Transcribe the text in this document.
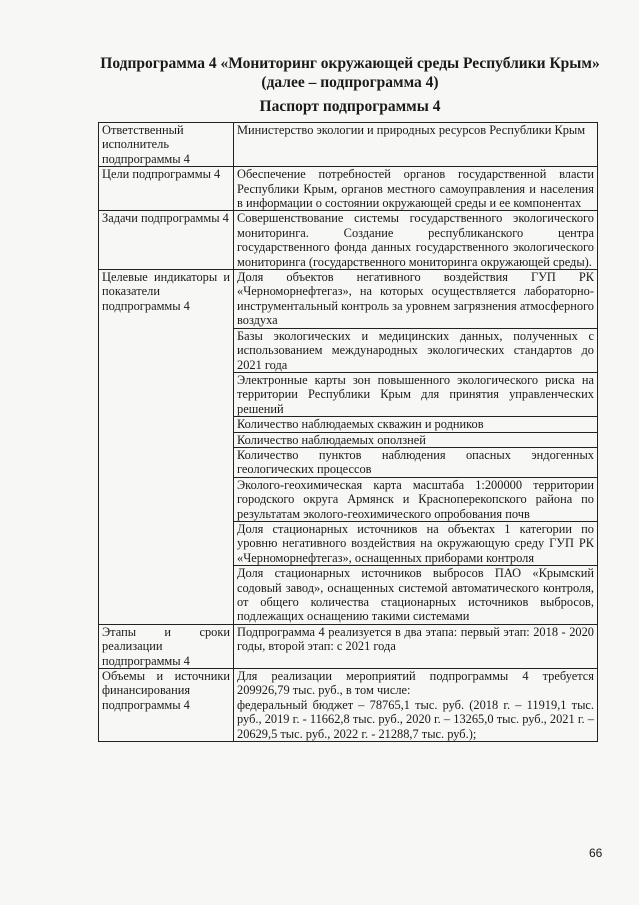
Подпрограмма 4 «Мониторинг окружающей среды Республики Крым»
(далее – подпрограмма 4)
Паспорт подпрограммы 4
Ответственный исполнитель подпрограммы 4	Министерство экологии и природных ресурсов Республики Крым
Цели подпрограммы 4	Обеспечение потребностей органов государственной власти Республики Крым, органов местного самоуправления и населения в информации о состоянии окружающей среды и ее компонентах
Задачи подпрограммы 4	Совершенствование системы государственного экологического мониторинга. Создание республиканского центра государственного фонда данных государственного экологического мониторинга (государственного мониторинга окружающей среды).
Целевые индикаторы и показатели подпрограммы 4	Доля объектов негативного воздействия ГУП РК «Черноморнефтегаз», на которых осуществляется лабораторно-инструментальный контроль за уровнем загрязнения атмосферного воздуха
	Базы экологических и медицинских данных, полученных с использованием международных экологических стандартов до 2021 года
	Электронные карты зон повышенного экологического риска на территории Республики Крым для принятия управленческих решений
	Количество наблюдаемых скважин и родников
	Количество наблюдаемых оползней
	Количество пунктов наблюдения опасных эндогенных геологических процессов
	Эколого-геохимическая карта масштаба 1:200000 территории городского округа Армянск и Красноперекопского района по результатам эколого-геохимического опробования почв
	Доля стационарных источников на объектах 1 категории по уровню негативного воздействия на окружающую среду ГУП РК «Черноморнефтегаз», оснащенных приборами контроля
	Доля стационарных источников выбросов ПАО «Крымский содовый завод», оснащенных системой автоматического контроля, от общего количества стационарных источников выбросов, подлежащих оснащению такими системами
Этапы и сроки реализации подпрограммы 4	Подпрограмма 4 реализуется в два этапа: первый этап: 2018 - 2020 годы, второй этап: с 2021 года
Объемы и источники финансирования подпрограммы 4	Для реализации мероприятий подпрограммы 4 требуется 209926,79 тыс. руб., в том числе:
федеральный бюджет – 78765,1 тыс. руб. (2018 г. – 11919,1 тыс. руб., 2019 г. - 11662,8 тыс. руб., 2020 г. – 13265,0 тыс. руб., 2021 г. – 20629,5 тыс. руб., 2022 г. - 21288,7 тыс. руб.);
66
